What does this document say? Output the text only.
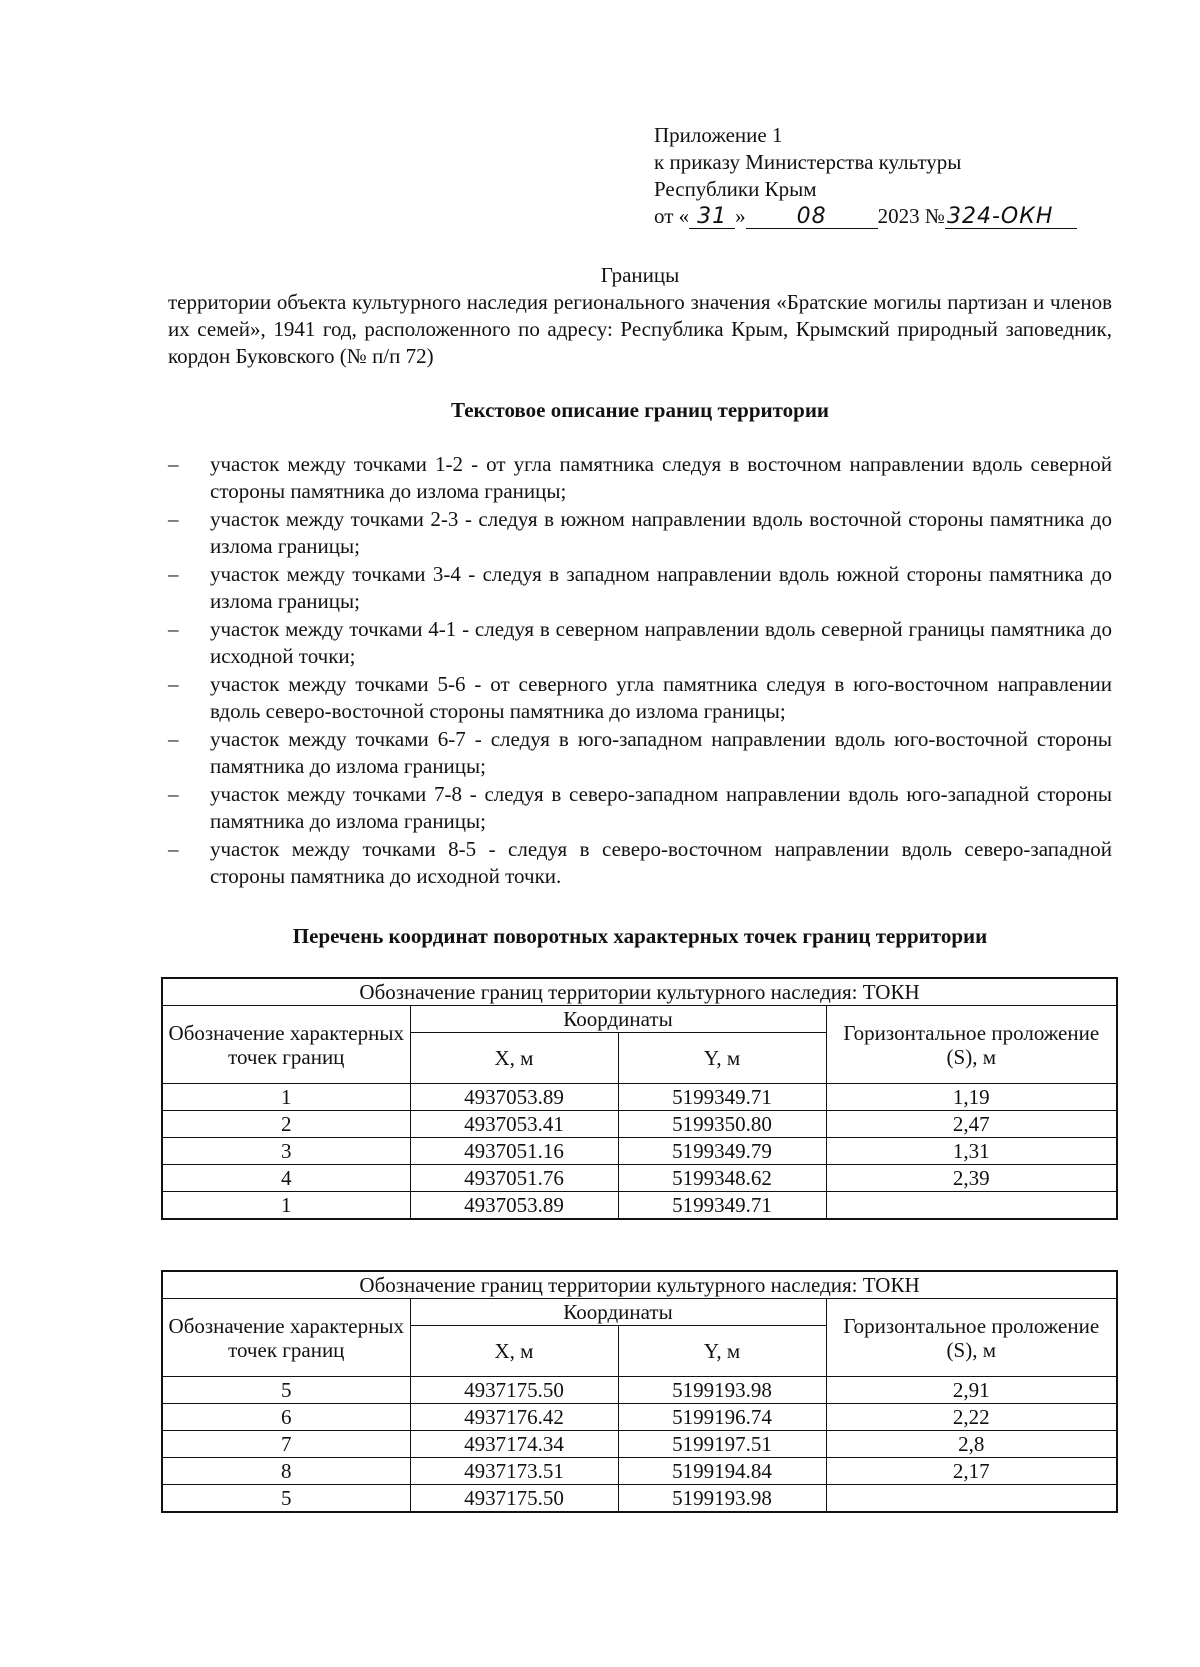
Приложение 1
к приказу Министерства культуры
Республики Крым
от « 31 » 08 2023 №324-ОКН
Границы
территории объекта культурного наследия регионального значения «Братские могилы партизан и членов их семей», 1941 год, расположенного по адресу: Республика Крым, Крымский природный заповедник, кордон Буковского (№ п/п 72)
Текстовое описание границ территории
– участок между точками 1-2 - от угла памятника следуя в восточном направлении вдоль северной стороны памятника до излома границы;
– участок между точками 2-3 - следуя в южном направлении вдоль восточной стороны памятника до излома границы;
– участок между точками 3-4 - следуя в западном направлении вдоль южной стороны памятника до излома границы;
– участок между точками 4-1 - следуя в северном направлении вдоль северной границы памятника до исходной точки;
– участок между точками 5-6 - от северного угла памятника следуя в юго-восточном направлении вдоль северо-восточной стороны памятника до излома границы;
– участок между точками 6-7 - следуя в юго-западном направлении вдоль юго-восточной стороны памятника до излома границы;
– участок между точками 7-8 - следуя в северо-западном направлении вдоль юго-западной стороны памятника до излома границы;
– участок между точками 8-5 - следуя в северо-восточном направлении вдоль северо-западной стороны памятника до исходной точки.
Перечень координат поворотных характерных точек границ территории
Обозначение границ территории культурного наследия: ТОКН			
Обозначение характерных точек границ	Координаты		Горизонтальное проложение (S), м
	X, м	Y, м	
1	4937053.89	5199349.71	1,19
2	4937053.41	5199350.80	2,47
3	4937051.16	5199349.79	1,31
4	4937051.76	5199348.62	2,39
1	4937053.89	5199349.71	
Обозначение границ территории культурного наследия: ТОКН			
Обозначение характерных точек границ	Координаты		Горизонтальное проложение (S), м
	X, м	Y, м	
5	4937175.50	5199193.98	2,91
6	4937176.42	5199196.74	2,22
7	4937174.34	5199197.51	2,8
8	4937173.51	5199194.84	2,17
5	4937175.50	5199193.98	
